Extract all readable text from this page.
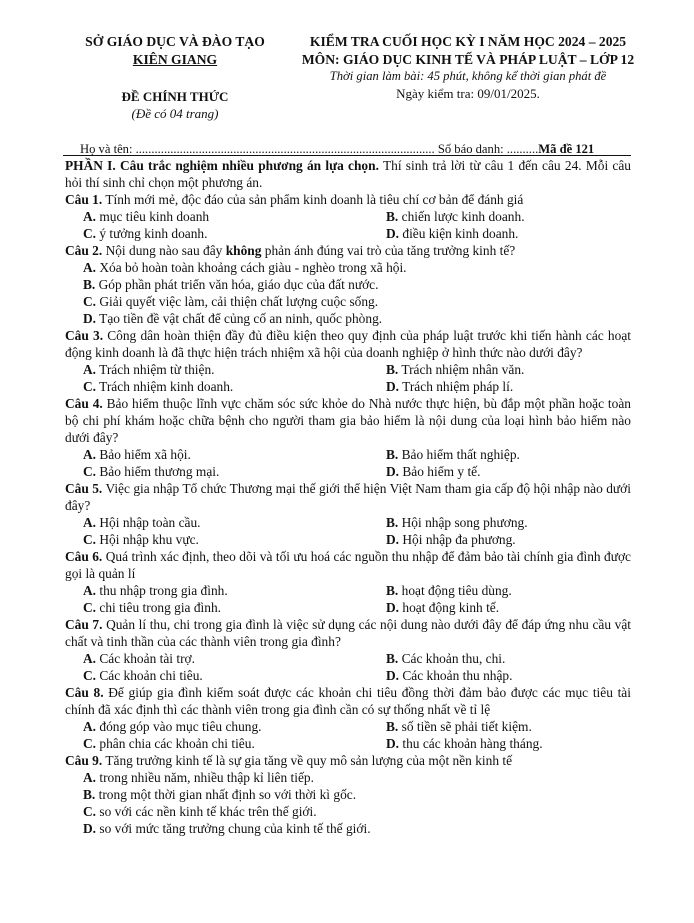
SỞ GIÁO DỤC VÀ ĐÀO TẠO
KIÊN GIANG
ĐỀ CHÍNH THỨC
(Đề có 04 trang)
KIỂM TRA CUỐI HỌC KỲ I NĂM HỌC 2024 – 2025
MÔN: GIÁO DỤC KINH TẾ VÀ PHÁP LUẬT – LỚP 12
Thời gian làm bài: 45 phút, không kể thời gian phát đề
Ngày kiểm tra: 09/01/2025.
Họ và tên: ............................................................................................... Số báo danh: ..........Mã đề 121

PHẦN I. Câu trắc nghiệm nhiều phương án lựa chọn. Thí sinh trả lời từ câu 1 đến câu 24. Mỗi câu hỏi thí sinh chỉ chọn một phương án.

Câu 1. Tính mới mẻ, độc đáo của sản phẩm kinh doanh là tiêu chí cơ bản để đánh giá

A. mục tiêu kinh doanh	B. chiến lược kinh doanh.
C. ý tưởng kinh doanh.	D. điều kiện kinh doanh.

Câu 2. Nội dung nào sau đây không phản ánh đúng vai trò của tăng trưởng kinh tế?

A. Xóa bỏ hoàn toàn khoảng cách giàu - nghèo trong xã hội.

B. Góp phần phát triển văn hóa, giáo dục của đất nước.

C. Giải quyết việc làm, cải thiện chất lượng cuộc sống.

D. Tạo tiền đề vật chất để củng cố an ninh, quốc phòng.

Câu 3. Công dân hoàn thiện đầy đủ điều kiện theo quy định của pháp luật trước khi tiến hành các hoạt động kinh doanh là đã thực hiện trách nhiệm xã hội của doanh nghiệp ở hình thức nào dưới đây?

A. Trách nhiệm từ thiện.	B. Trách nhiệm nhân văn.
C. Trách nhiệm kinh doanh.	D. Trách nhiệm pháp lí.

Câu 4. Bảo hiểm thuộc lĩnh vực chăm sóc sức khỏe do Nhà nước thực hiện, bù đắp một phần hoặc toàn bộ chi phí khám hoặc chữa bệnh cho người tham gia bảo hiểm là nội dung của loại hình bảo hiểm nào dưới đây?

A. Bảo hiểm xã hội.	B. Bảo hiểm thất nghiệp.
C. Bảo hiểm thương mại.	D. Bảo hiểm y tế.

Câu 5. Việc gia nhập Tổ chức Thương mại thế giới thể hiện Việt Nam tham gia cấp độ hội nhập nào dưới đây?

A. Hội nhập toàn cầu.	B. Hội nhập song phương.
C. Hội nhập khu vực.	D. Hội nhập đa phương.

Câu 6. Quá trình xác định, theo dõi và tối ưu hoá các nguồn thu nhập để đảm bảo tài chính gia đình được gọi là quản lí

A. thu nhập trong gia đình.	B. hoạt động tiêu dùng.
C. chi tiêu trong gia đình.	D. hoạt động kinh tế.

Câu 7. Quản lí thu, chi trong gia đình là việc sử dụng các nội dung nào dưới đây để đáp ứng nhu cầu vật chất và tinh thần của các thành viên trong gia đình?

A. Các khoản tài trợ.	B. Các khoản thu, chi.
C. Các khoản chi tiêu.	D. Các khoản thu nhập.

Câu 8. Để giúp gia đình kiểm soát được các khoản chi tiêu đồng thời đảm bảo được các mục tiêu tài chính đã xác định thì các thành viên trong gia đình cần có sự thống nhất về tỉ lệ

A. đóng góp vào mục tiêu chung.	B. số tiền sẽ phải tiết kiệm.
C. phân chia các khoản chi tiêu.	D. thu các khoản hàng tháng.

Câu 9. Tăng trưởng kinh tế là sự gia tăng về quy mô sản lượng của một nền kinh tế

A. trong nhiều năm, nhiều thập kỉ liên tiếp.

B. trong một thời gian nhất định so với thời kì gốc.

C. so với các nền kinh tế khác trên thế giới.

D. so với mức tăng trưởng chung của kinh tế thế giới.
